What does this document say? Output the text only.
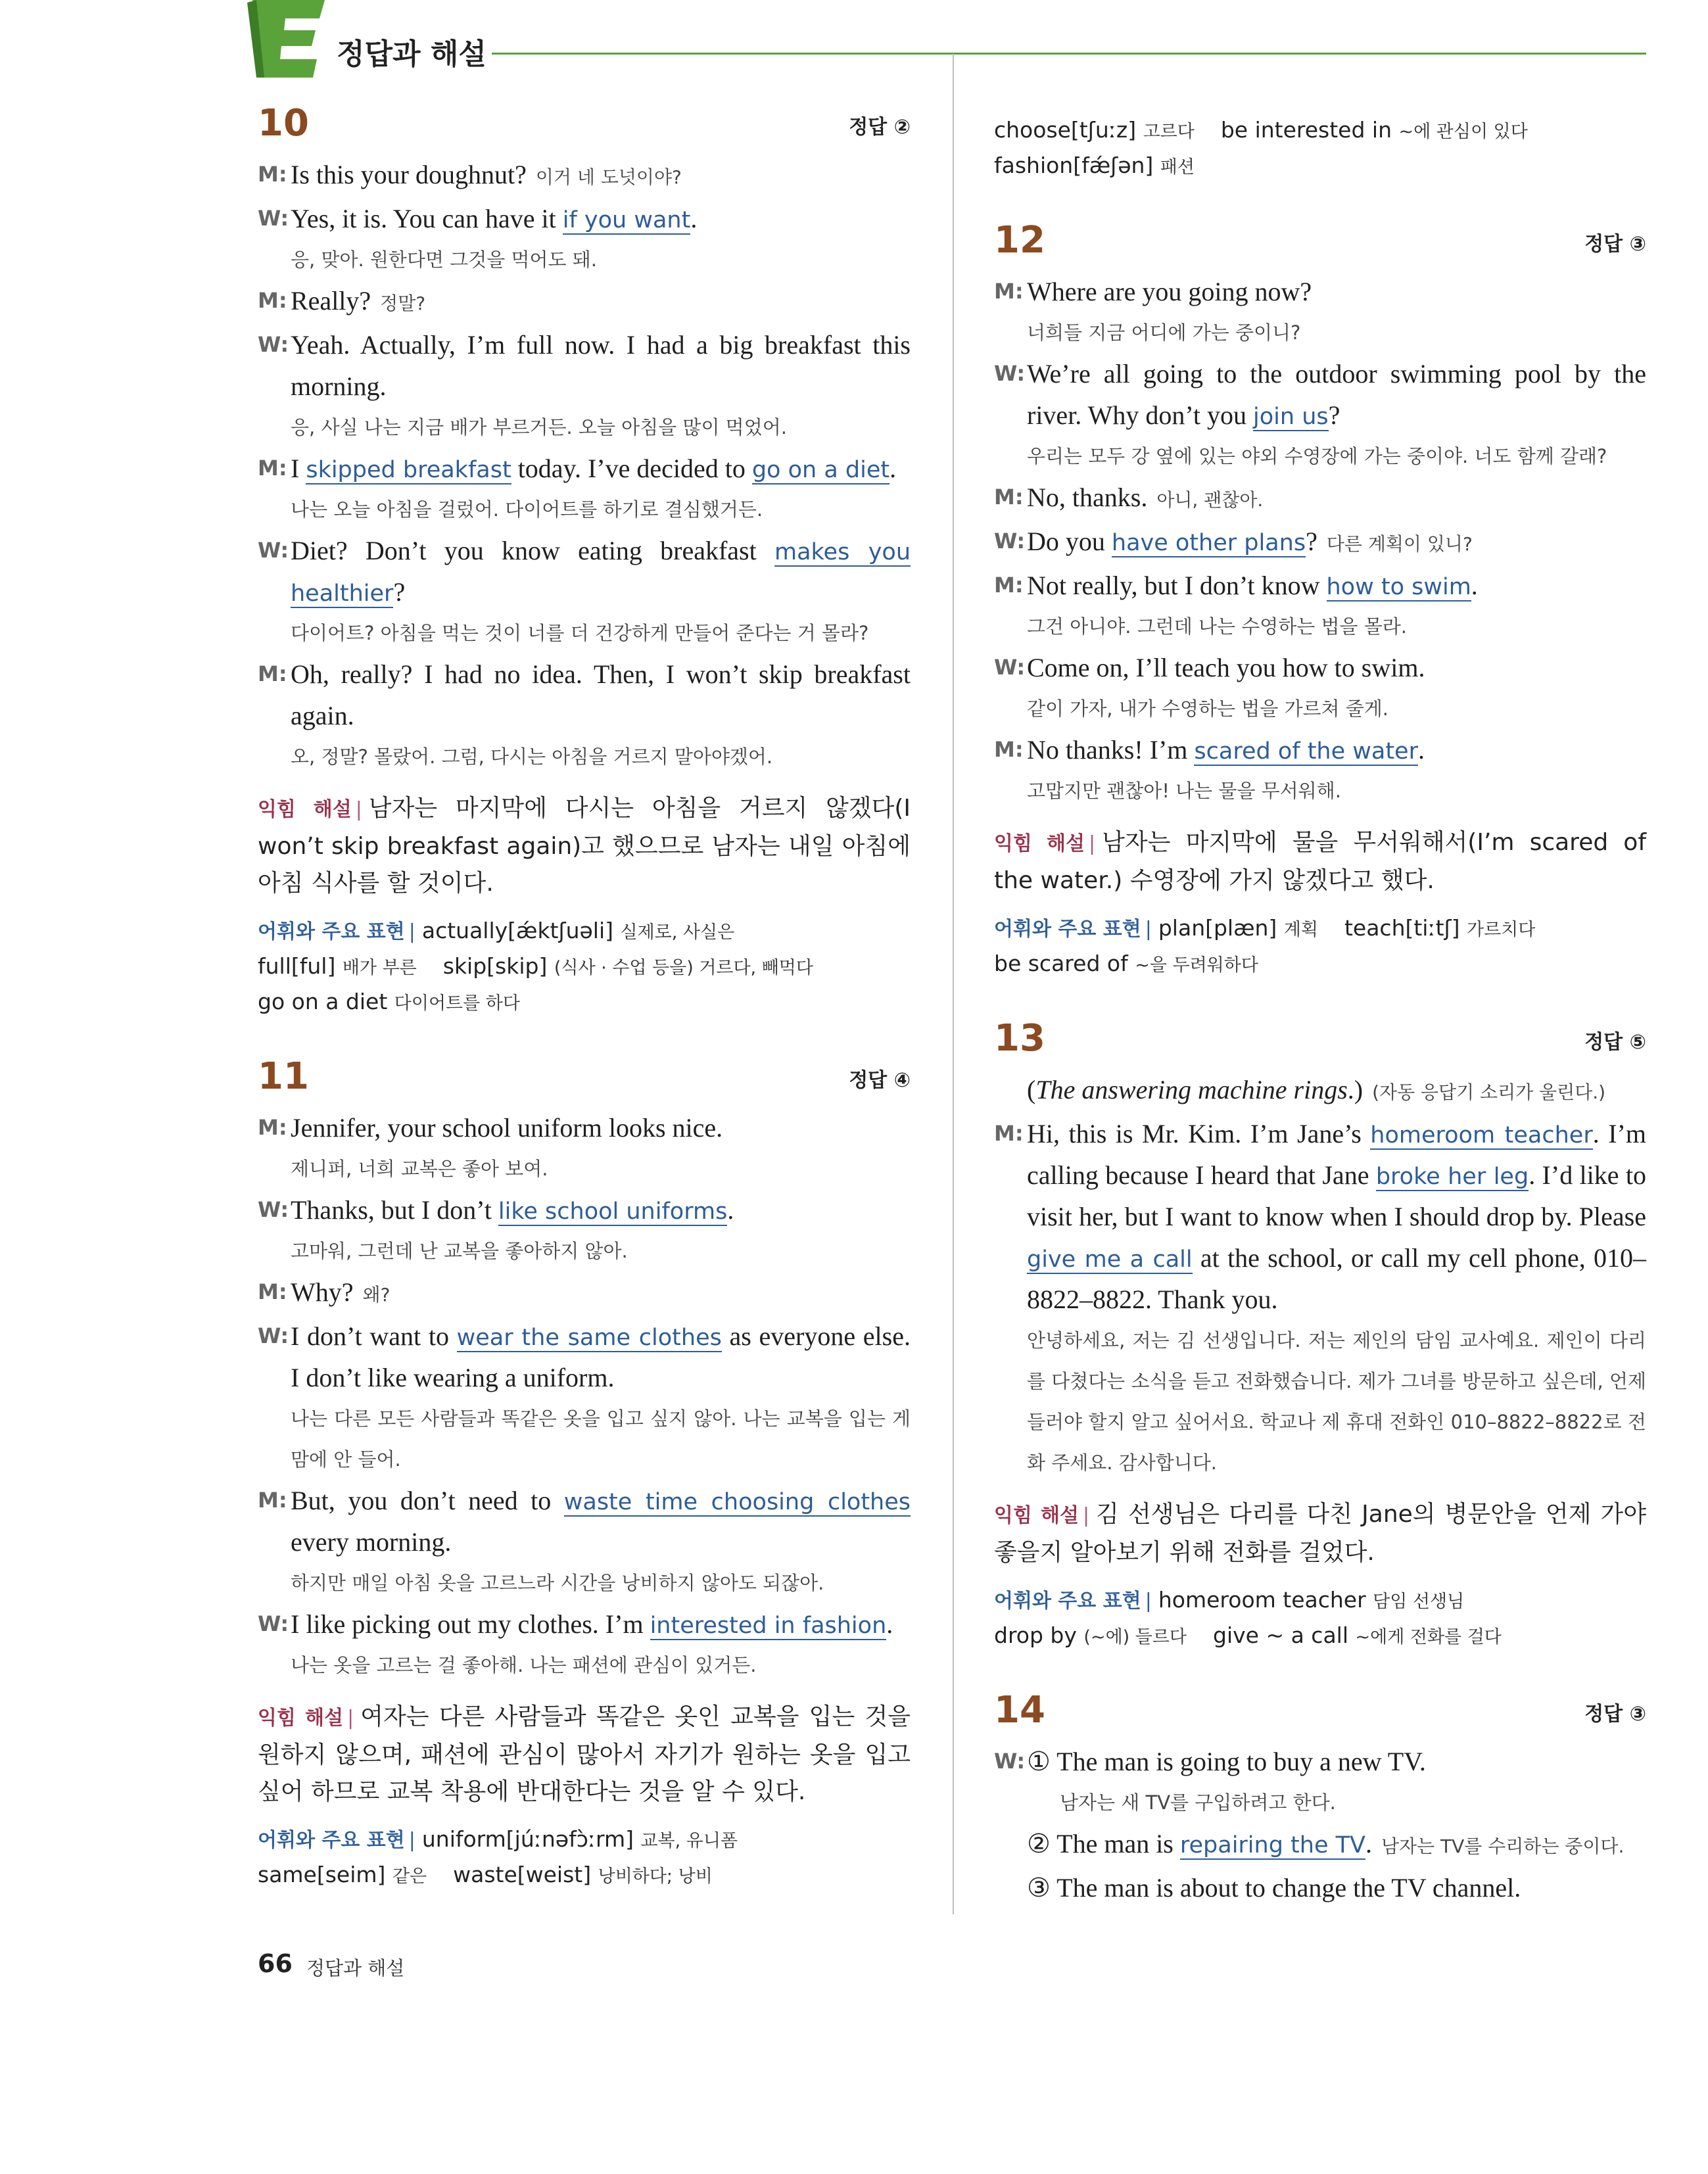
정답과 해설
10	정답 ②
M: Is this your doughnut? 이거 네 도넛이야?
W: Yes, it is. You can have it if you want.
응, 맞아. 원한다면 그것을 먹어도 돼.
M: Really? 정말?
W: Yeah. Actually, I’m full now. I had a big breakfast this morning.
응, 사실 나는 지금 배가 부르거든. 오늘 아침을 많이 먹었어.
M: I skipped breakfast today. I’ve decided to go on a diet.
나는 오늘 아침을 걸렀어. 다이어트를 하기로 결심했거든.
W: Diet? Don’t you know eating breakfast makes you healthier?
다이어트? 아침을 먹는 것이 너를 더 건강하게 만들어 준다는 거 몰라?
M: Oh, really? I had no idea. Then, I won’t skip breakfast again.
오, 정말? 몰랐어. 그럼, 다시는 아침을 거르지 말아야겠어.
익힘 해설 | 남자는 마지막에 다시는 아침을 거르지 않겠다(I won’t skip breakfast again)고 했으므로 남자는 내일 아침에 아침 식사를 할 것이다.
어휘와 주요 표현 | actually[ǽktʃuəli] 실제로, 사실은
full[ful] 배가 부른 skip[skip] (식사 · 수업 등을) 거르다, 빼먹다
go on a diet 다이어트를 하다
11	정답 ④
M: Jennifer, your school uniform looks nice.
제니퍼, 너희 교복은 좋아 보여.
W: Thanks, but I don’t like school uniforms.
고마워, 그런데 난 교복을 좋아하지 않아.
M: Why? 왜?
W: I don’t want to wear the same clothes as everyone else. I don’t like wearing a uniform.
나는 다른 모든 사람들과 똑같은 옷을 입고 싶지 않아. 나는 교복을 입는 게 맘에 안 들어.
M: But, you don’t need to waste time choosing clothes every morning.
하지만 매일 아침 옷을 고르느라 시간을 낭비하지 않아도 되잖아.
W: I like picking out my clothes. I’m interested in fashion.
나는 옷을 고르는 걸 좋아해. 나는 패션에 관심이 있거든.
익힘 해설 | 여자는 다른 사람들과 똑같은 옷인 교복을 입는 것을 원하지 않으며, 패션에 관심이 많아서 자기가 원하는 옷을 입고 싶어 하므로 교복 착용에 반대한다는 것을 알 수 있다.
어휘와 주요 표현 | uniform[júːnəfɔ̀ːrm] 교복, 유니폼
same[seim] 같은 waste[weist] 낭비하다; 낭비
choose[tʃuːz] 고르다 be interested in ~에 관심이 있다
fashion[fǽʃən] 패션
12	정답 ③
M: Where are you going now?
너희들 지금 어디에 가는 중이니?
W: We’re all going to the outdoor swimming pool by the river. Why don’t you join us?
우리는 모두 강 옆에 있는 야외 수영장에 가는 중이야. 너도 함께 갈래?
M: No, thanks. 아니, 괜찮아.
W: Do you have other plans? 다른 계획이 있니?
M: Not really, but I don’t know how to swim.
그건 아니야. 그런데 나는 수영하는 법을 몰라.
W: Come on, I’ll teach you how to swim.
같이 가자, 내가 수영하는 법을 가르쳐 줄게.
M: No thanks! I’m scared of the water.
고맙지만 괜찮아! 나는 물을 무서워해.
익힘 해설 | 남자는 마지막에 물을 무서워해서(I’m scared of the water.) 수영장에 가지 않겠다고 했다.
어휘와 주요 표현 | plan[plæn] 계획 teach[tiːtʃ] 가르치다
be scared of ~을 두려워하다
13	정답 ⑤
(The answering machine rings.) (자동 응답기 소리가 울린다.)
M: Hi, this is Mr. Kim. I’m Jane’s homeroom teacher. I’m calling because I heard that Jane broke her leg. I’d like to visit her, but I want to know when I should drop by. Please give me a call at the school, or call my cell phone, 010–8822–8822. Thank you.
안녕하세요, 저는 김 선생입니다. 저는 제인의 담임 교사예요. 제인이 다리를 다쳤다는 소식을 듣고 전화했습니다. 제가 그녀를 방문하고 싶은데, 언제 들러야 할지 알고 싶어서요. 학교나 제 휴대 전화인 010–8822–8822로 전화 주세요. 감사합니다.
익힘 해설 | 김 선생님은 다리를 다친 Jane의 병문안을 언제 가야 좋을지 알아보기 위해 전화를 걸었다.
어휘와 주요 표현 | homeroom teacher 담임 선생님
drop by (~에) 들르다 give ~ a call ~에게 전화를 걸다
14	정답 ③
W: ① The man is going to buy a new TV.
남자는 새 TV를 구입하려고 한다.
② The man is repairing the TV. 남자는 TV를 수리하는 중이다.
③ The man is about to change the TV channel.
66 정답과 해설
